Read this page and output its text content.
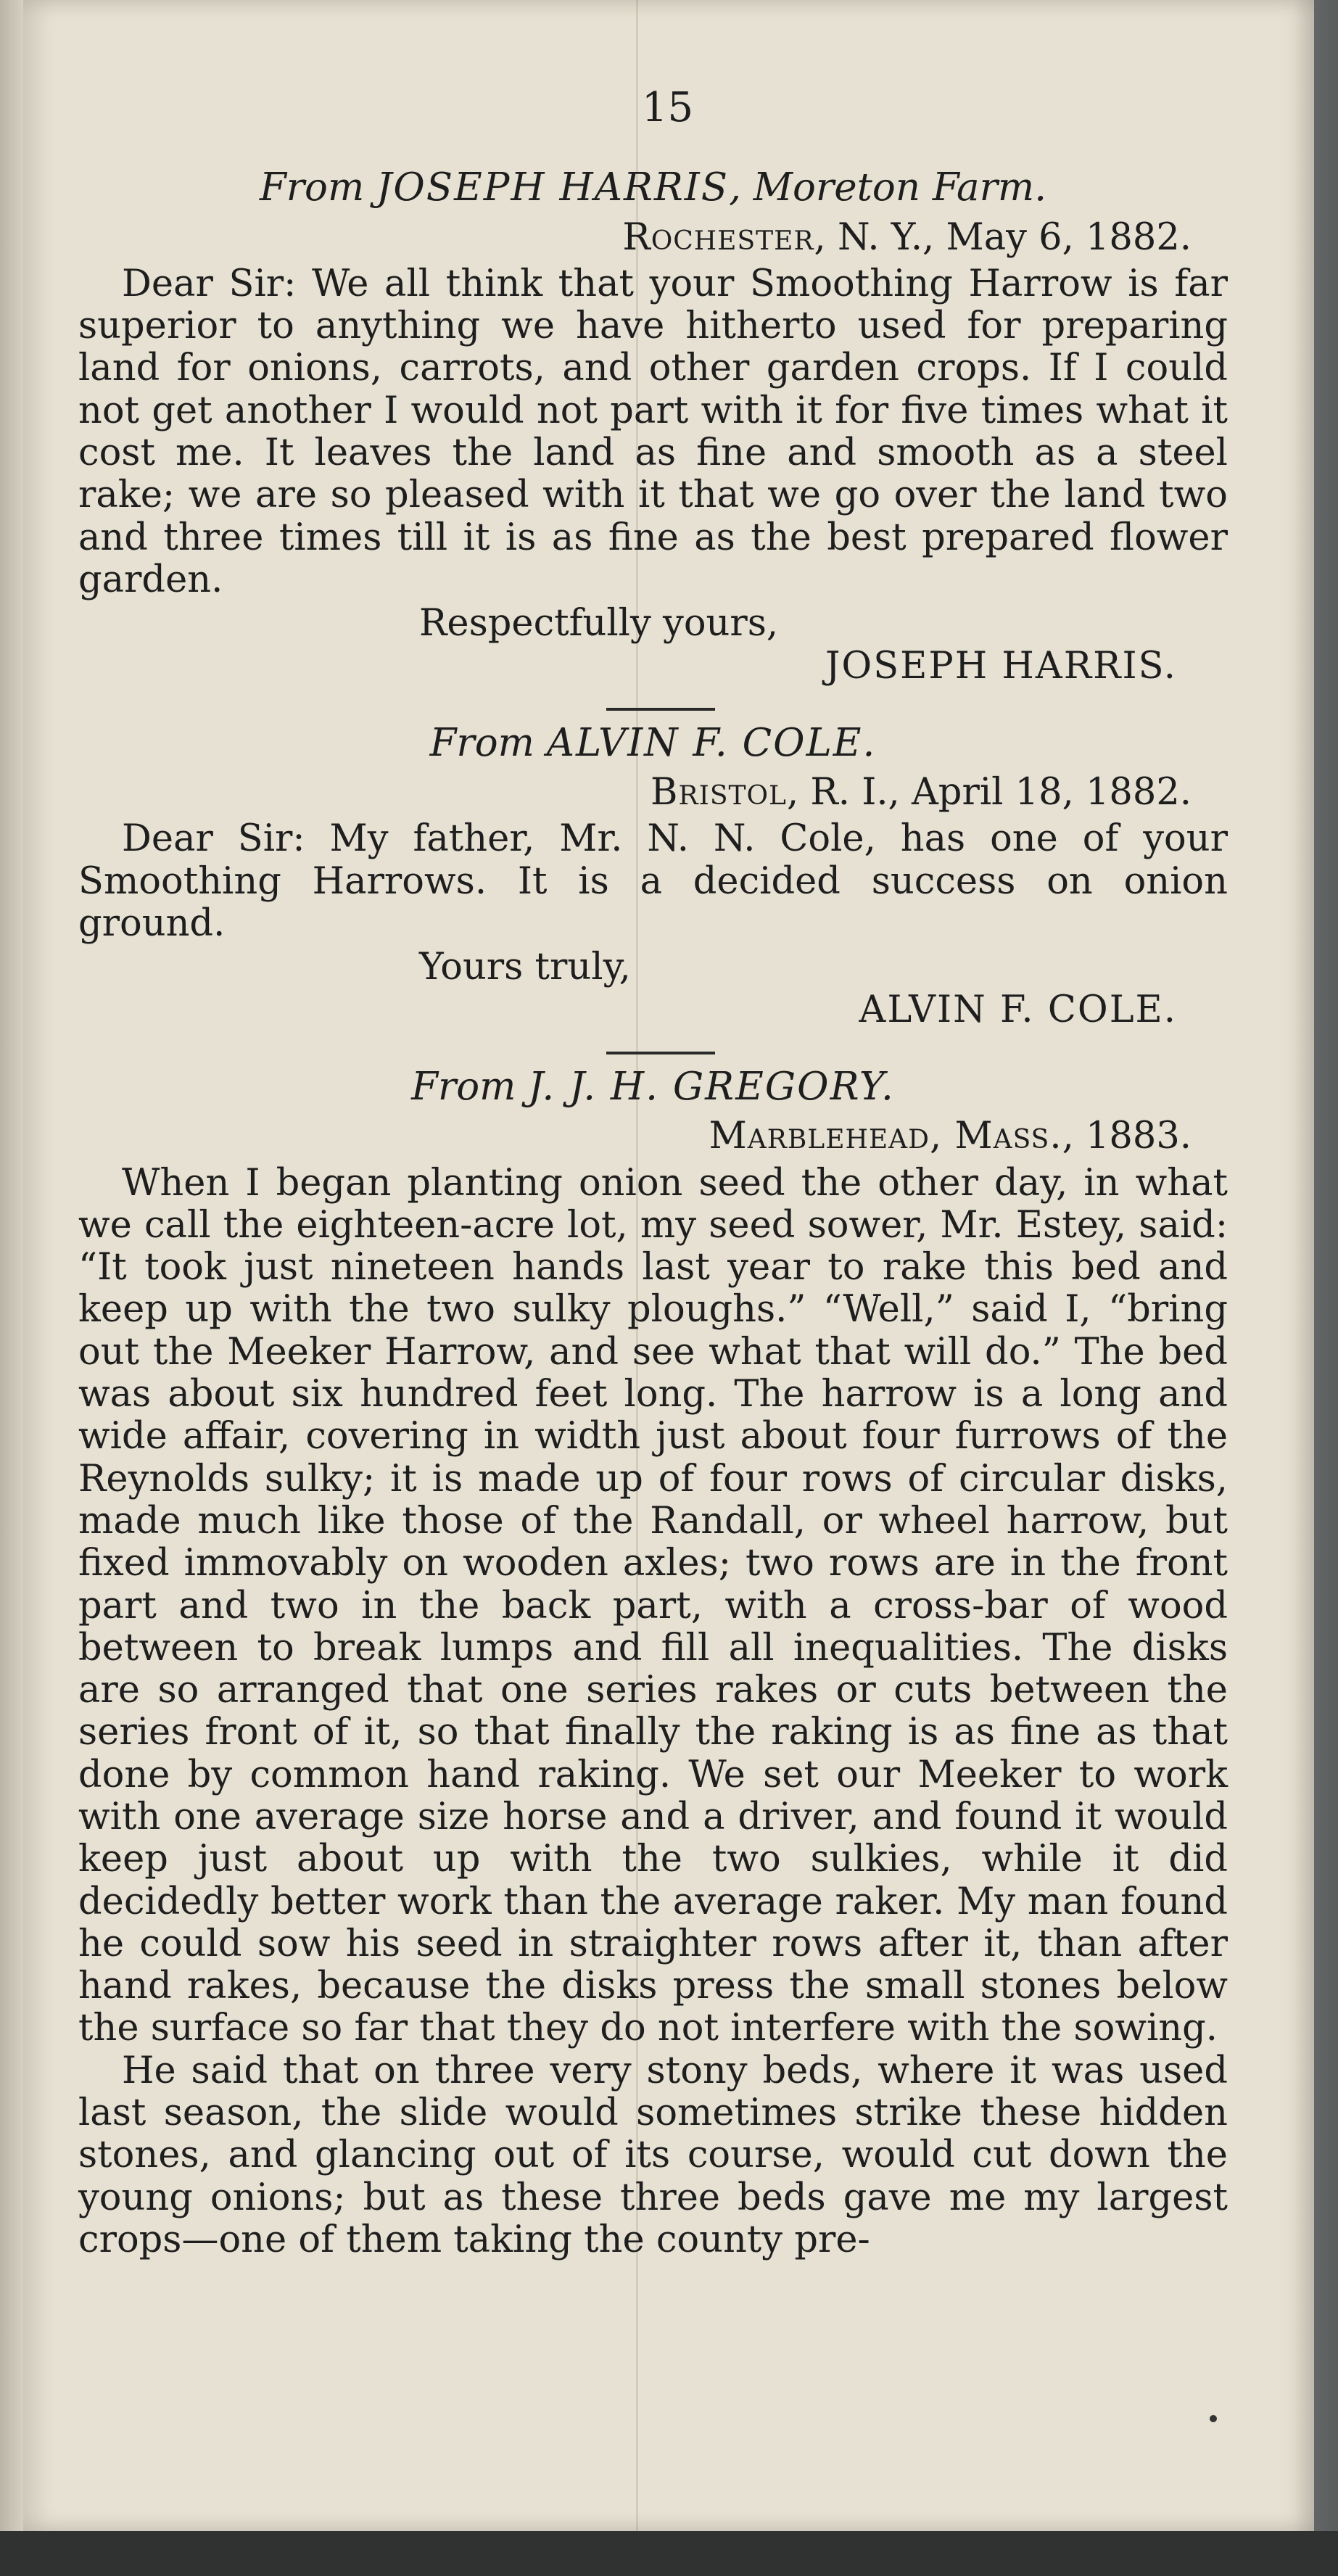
15
From JOSEPH HARRIS, Moreton Farm.
Rochester, N. Y., May 6, 1882.
Dear Sir: We all think that your Smoothing Harrow is far superior to anything we have hitherto used for preparing land for onions, carrots, and other garden crops. If I could not get another I would not part with it for five times what it cost me. It leaves the land as fine and smooth as a steel rake; we are so pleased with it that we go over the land two and three times till it is as fine as the best prepared flower garden.
Respectfully yours,
JOSEPH HARRIS.
From ALVIN F. COLE.
Bristol, R. I., April 18, 1882.
Dear Sir: My father, Mr. N. N. Cole, has one of your Smoothing Harrows. It is a decided success on onion ground.
Yours truly,
ALVIN F. COLE.
From J. J. H. GREGORY.
Marblehead, Mass., 1883.
When I began planting onion seed the other day, in what we call the eighteen-acre lot, my seed sower, Mr. Estey, said: “It took just nineteen hands last year to rake this bed and keep up with the two sulky ploughs.” “Well,” said I, “bring out the Meeker Harrow, and see what that will do.” The bed was about six hundred feet long. The harrow is a long and wide affair, covering in width just about four furrows of the Reynolds sulky; it is made up of four rows of circular disks, made much like those of the Randall, or wheel harrow, but fixed immovably on wooden axles; two rows are in the front part and two in the back part, with a cross-bar of wood between to break lumps and fill all inequalities. The disks are so arranged that one series rakes or cuts between the series front of it, so that finally the raking is as fine as that done by common hand raking. We set our Meeker to work with one average size horse and a driver, and found it would keep just about up with the two sulkies, while it did decidedly better work than the average raker. My man found he could sow his seed in straighter rows after it, than after hand rakes, because the disks press the small stones below the surface so far that they do not interfere with the sowing.
He said that on three very stony beds, where it was used last season, the slide would sometimes strike these hidden stones, and glancing out of its course, would cut down the young onions; but as these three beds gave me my largest crops—one of them taking the county pre-
